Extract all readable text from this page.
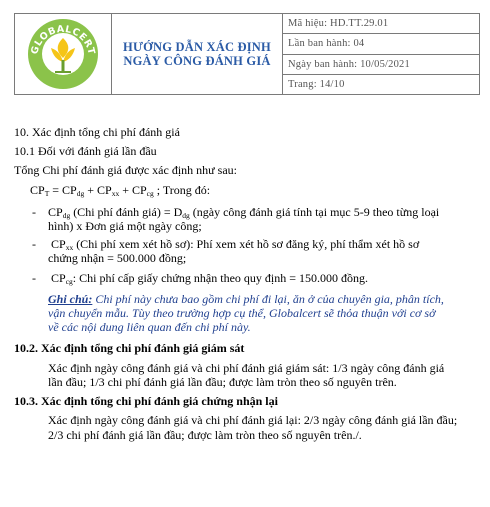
GLOBALCERT	HƯỚNG DẪN XÁC ĐỊNH
NGÀY CÔNG ĐÁNH GIÁ
	Mã hiệu: HD.TT.29.01
Lần ban hành: 04
Ngày ban hành: 10/05/2021
Trang: 14/10
10. Xác định tổng chi phí đánh giá
10.1 Đối với đánh giá lần đầu
Tổng Chi phí đánh giá được xác định như sau:
$CP_T = CP_{dg} + CP_{xx} + CP_{cg}$ ; Trong đó:
- $CP_{dg}$ (Chi phí đánh giá) = $D_{dg}$ (ngày công đánh giá tính tại mục 5-9 theo từng loại
hình) x Đơn giá một ngày công;
- $CP_{xx}$ (Chi phí xem xét hồ sơ): Phí xem xét hồ sơ đăng ký, phí thẩm xét hồ sơ
chứng nhận = 500.000 đồng;
- $CP_{cg}$: Chi phí cấp giấy chứng nhận theo quy định = 150.000 đồng.
Ghi chú: Chi phí này chưa bao gồm chi phí đi lại, ăn ở của chuyên gia, phân tích,
vận chuyển mẫu. Tùy theo trường hợp cụ thể, Globalcert sẽ thỏa thuận với cơ sở
về các nội dung liên quan đến chi phí này.
10.2. Xác định tổng chi phí đánh giá giám sát
Xác định ngày công đánh giá và chi phí đánh giá giám sát: 1/3 ngày công đánh giá
lần đầu; 1/3 chi phí đánh giá lần đầu; được làm tròn theo số nguyên trên.
10.3. Xác định tổng chi phí đánh giá chứng nhận lại
Xác định ngày công đánh giá và chi phí đánh giá lại: 2/3 ngày công đánh giá lần đầu;
2/3 chi phí đánh giá lần đầu; được làm tròn theo số nguyên trên./.
